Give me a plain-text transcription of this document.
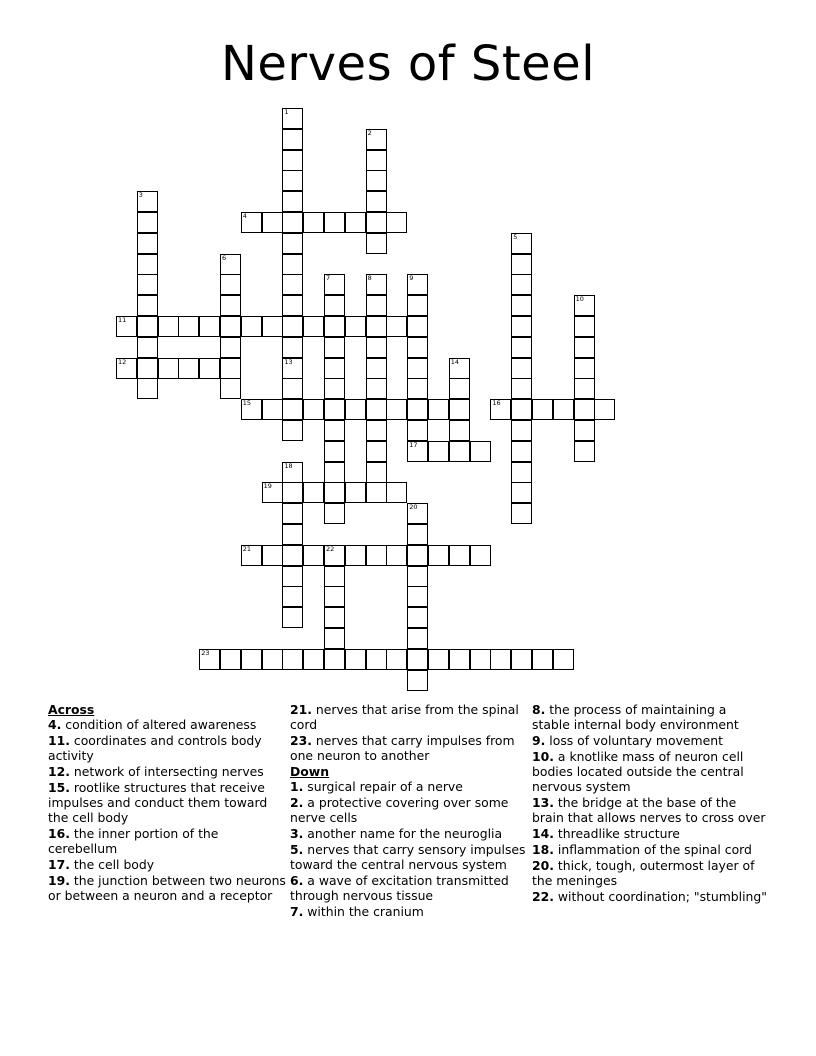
Nerves of Steel
1
2
3
4
5
6
7	8	9
10
11
12	13	14
15	16
17
18
19
20
21	22
23
Across
4. condition of altered awareness
11. coordinates and controls body activity
12. network of intersecting nerves
15. rootlike structures that receive impulses and conduct them toward the cell body
16. the inner portion of the cerebellum
17. the cell body
19. the junction between two neurons or between a neuron and a receptor
21. nerves that arise from the spinal cord
23. nerves that carry impulses from one neuron to another
Down
1. surgical repair of a nerve
2. a protective covering over some nerve cells
3. another name for the neuroglia
5. nerves that carry sensory impulses toward the central nervous system
6. a wave of excitation transmitted through nervous tissue
7. within the cranium
8. the process of maintaining a stable internal body environment
9. loss of voluntary movement
10. a knotlike mass of neuron cell bodies located outside the central nervous system
13. the bridge at the base of the brain that allows nerves to cross over
14. threadlike structure
18. inflammation of the spinal cord
20. thick, tough, outermost layer of the meninges
22. without coordination; "stumbling"
